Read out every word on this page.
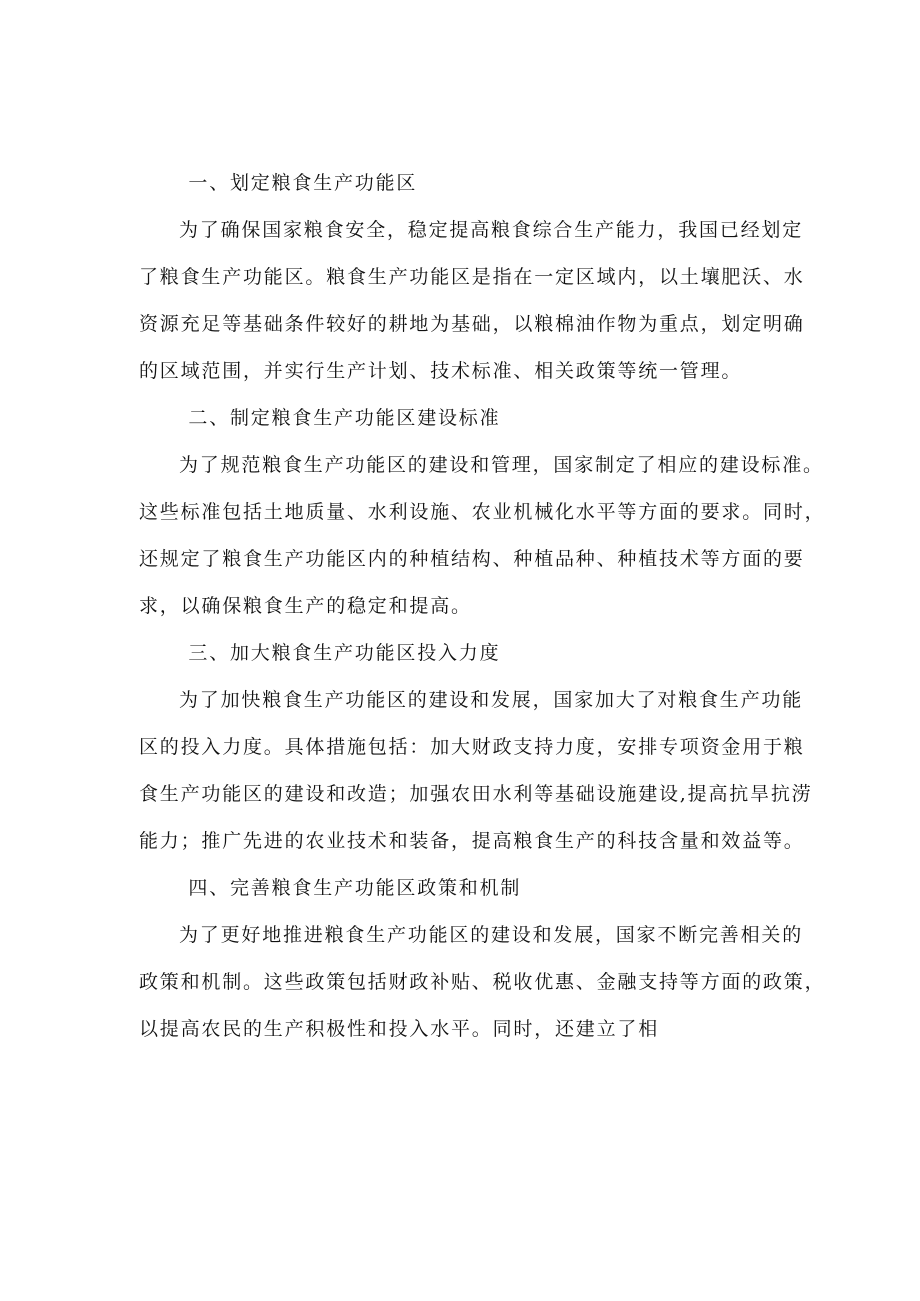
一、划定粮食生产功能区
为了确保国家粮食安全，稳定提高粮食综合生产能力，我国已经划定
了粮食生产功能区。粮食生产功能区是指在一定区域内，以土壤肥沃、水
资源充足等基础条件较好的耕地为基础，以粮棉油作物为重点，划定明确
的区域范围，并实行生产计划、技术标准、相关政策等统一管理。
二、制定粮食生产功能区建设标准
为了规范粮食生产功能区的建设和管理，国家制定了相应的建设标准。
这些标准包括土地质量、水利设施、农业机械化水平等方面的要求。同时，
还规定了粮食生产功能区内的种植结构、种植品种、种植技术等方面的要
求，以确保粮食生产的稳定和提高。
三、加大粮食生产功能区投入力度
为了加快粮食生产功能区的建设和发展，国家加大了对粮食生产功能
区的投入力度。具体措施包括：加大财政支持力度，安排专项资金用于粮
食生产功能区的建设和改造；加强农田水利等基础设施建设,提高抗旱抗涝
能力；推广先进的农业技术和装备，提高粮食生产的科技含量和效益等。
四、完善粮食生产功能区政策和机制
为了更好地推进粮食生产功能区的建设和发展，国家不断完善相关的
政策和机制。这些政策包括财政补贴、税收优惠、金融支持等方面的政策，
以提高农民的生产积极性和投入水平。同时，还建立了相
